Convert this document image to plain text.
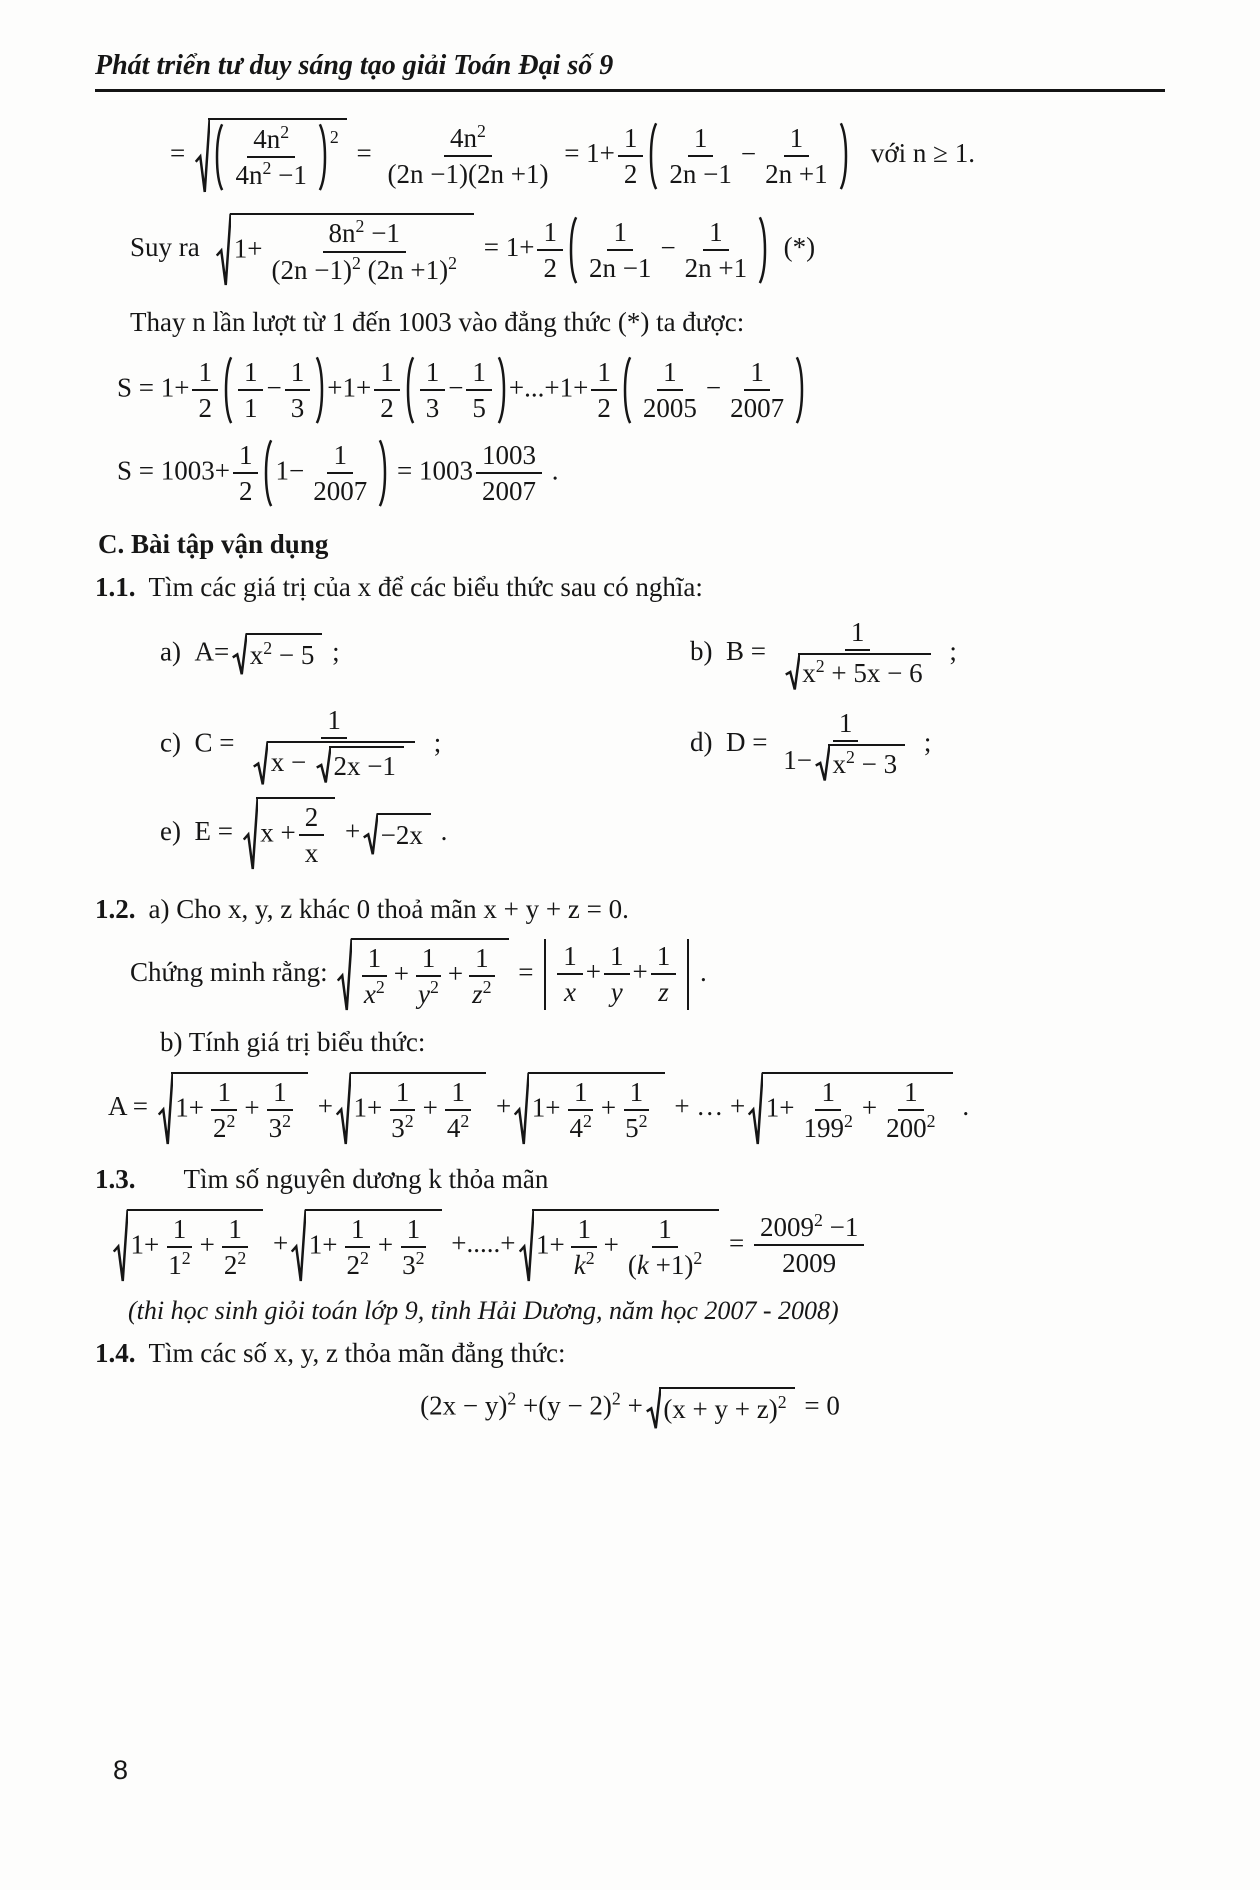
Phát triển tư duy sáng tạo giải Toán Đại số 9
= $\frac{4n^2}{4n^2 -1} ^2$
= $\frac{4n^2}{(2n -1)(2n +1)} = 1+ \frac{1}{2} \frac{1}{2n -1} - \frac{1}{2n +1}$ với n ≥ 1.
Suy ra $1+ \frac{8n^2 -1}{(2n -1)^2 (2n +1)^2} = 1+ \frac{1}{2} \frac{1}{2n -1} - \frac{1}{2n +1}$ (*)
Thay n lần lượt từ 1 đến 1003 vào đẳng thức (*) ta được:
$S = 1+ \frac{1}{2} \frac{1}{1} - \frac{1}{3} +1+ \frac{1}{2} \frac{1}{3} - \frac{1}{5} +...+1+ \frac{1}{2} \frac{1}{2005} - \frac{1}{2007}$
$S = 1003+ \frac{1}{2} 1- \frac{1}{2007} = 1003 \frac{1003}{2007}$ .
C. Bài tập vận dụng
1.1. Tìm các giá trị của x để các biểu thức sau có nghĩa:
a)  $A= x^2 - 5$ ;	b)  $B = \frac{1}{x^2 + 5x - 6}$ ;
c)  $C = \frac{1}{x - 2x -1}$ ;	d)  $D = \frac{1}{1- x^2 - 3}$ ;
e)  $E = x + \frac{2}{x} + -2x$ .
1.2. a) Cho x, y, z khác 0 thoả mãn x + y + z = 0.
Chứng minh rằng: $\frac{1}{x^2} + \frac{1}{y^2} + \frac{1}{z^2} = \frac{1}{x} + \frac{1}{y} + \frac{1}{z}$ .
b) Tính giá trị biểu thức:
$A = 1+ \frac{1}{2^2} + \frac{1}{3^2} + 1+ \frac{1}{3^2} + \frac{1}{4^2} + 1+ \frac{1}{4^2} + \frac{1}{5^2}$ + … + $1+ \frac{1}{199^2} + \frac{1}{200^2}$ .
1.3. Tìm số nguyên dương k thỏa mãn
$1+ \frac{1}{1^2} + \frac{1}{2^2} + 1+ \frac{1}{2^2} + \frac{1}{3^2}$ +.....+ $1+ \frac{1}{k^2} + \frac{1}{(k +1)^2} = \frac{2009^2 -1}{2009}$
(thi học sinh giỏi toán lớp 9, tỉnh Hải Dương, năm học 2007 - 2008)
1.4. Tìm các số x, y, z thỏa mãn đẳng thức:
$(2x - y)^2 +(y - 2)^2 + (x + y + z)^2 = 0$
8
